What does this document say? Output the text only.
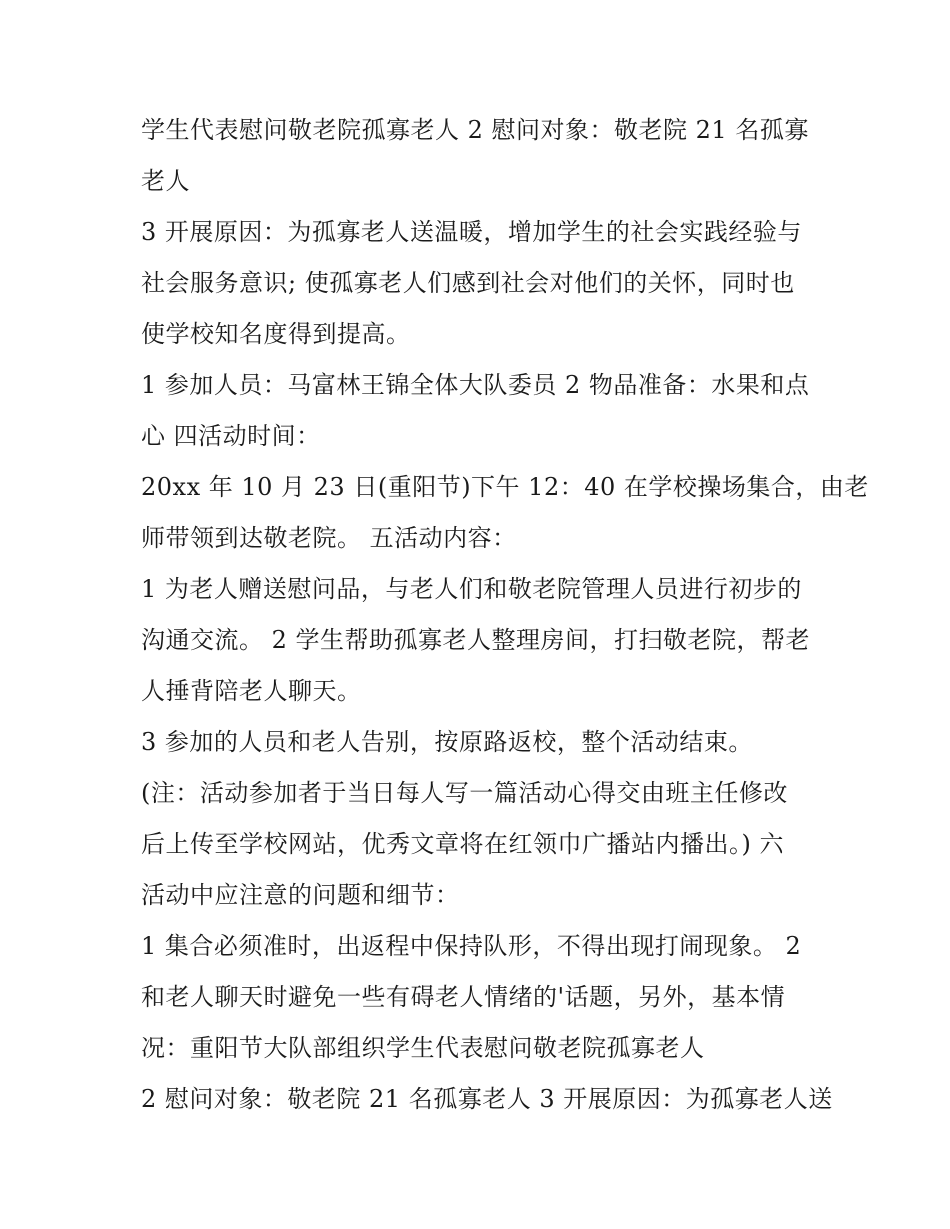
学生代表慰问敬老院孤寡老人 2 慰问对象：敬老院 21 名孤寡
老人
3 开展原因：为孤寡老人送温暖，增加学生的社会实践经验与
社会服务意识; 使孤寡老人们感到社会对他们的关怀，同时也
使学校知名度得到提高。
1 参加人员：马富林王锦全体大队委员 2 物品准备：水果和点
心 四活动时间：
20xx 年 10 月 23 日(重阳节)下午 12：40 在学校操场集合，由老
师带领到达敬老院。 五活动内容：
1 为老人赠送慰问品，与老人们和敬老院管理人员进行初步的
沟通交流。 2 学生帮助孤寡老人整理房间，打扫敬老院，帮老
人捶背陪老人聊天。
3 参加的人员和老人告别，按原路返校，整个活动结束。
(注：活动参加者于当日每人写一篇活动心得交由班主任修改
后上传至学校网站，优秀文章将在红领巾广播站内播出。) 六
活动中应注意的问题和细节：
1 集合必须准时，出返程中保持队形，不得出现打闹现象。 2
和老人聊天时避免一些有碍老人情绪的'话题，另外，基本情
况：重阳节大队部组织学生代表慰问敬老院孤寡老人
2 慰问对象：敬老院 21 名孤寡老人 3 开展原因：为孤寡老人送
